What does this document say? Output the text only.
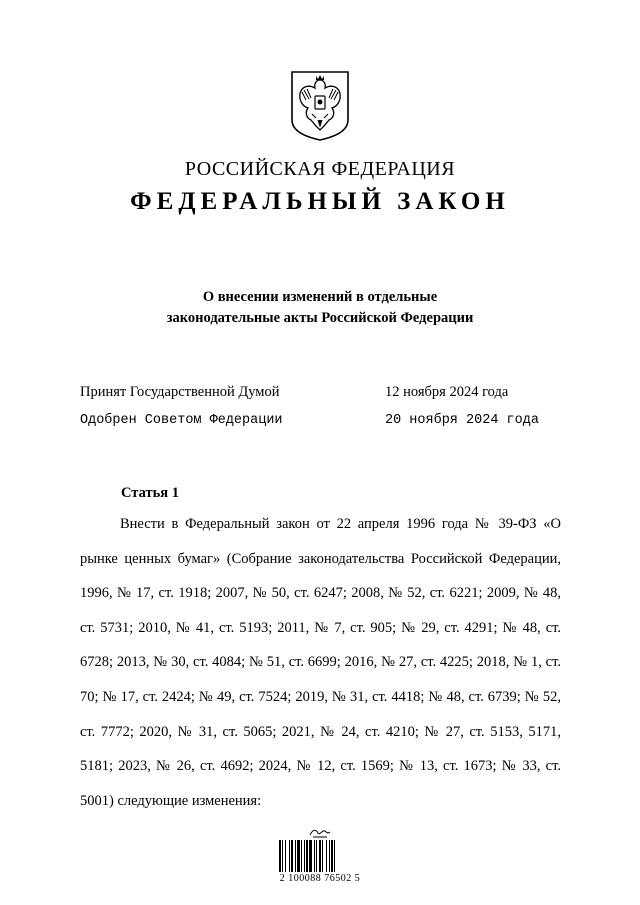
РОССИЙСКАЯ ФЕДЕРАЦИЯ
ФЕДЕРАЛЬНЫЙ ЗАКОН
О внесении изменений в отдельные
законодательные акты Российской Федерации
Принят Государственной Думой	12 ноября 2024 года
Одобрен Советом Федерации	20 ноября 2024 года
Статья 1
Внести в Федеральный закон от 22 апреля 1996 года № 39-ФЗ «О рынке ценных бумаг» (Собрание законодательства Российской Федерации, 1996, № 17, ст. 1918; 2007, № 50, ст. 6247; 2008, № 52, ст. 6221; 2009, № 48, ст. 5731; 2010, № 41, ст. 5193; 2011, № 7, ст. 905; № 29, ст. 4291; № 48, ст. 6728; 2013, № 30, ст. 4084; № 51, ст. 6699; 2016, № 27, ст. 4225; 2018, № 1, ст. 70; № 17, ст. 2424; № 49, ст. 7524; 2019, № 31, ст. 4418; № 48, ст. 6739; № 52, ст. 7772; 2020, № 31, ст. 5065; 2021, № 24, ст. 4210; № 27, ст. 5153, 5171, 5181; 2023, № 26, ст. 4692; 2024, № 12, ст. 1569; № 13, ст. 1673; № 33, ст. 5001) следующие изменения:
2 100088 76502 5
